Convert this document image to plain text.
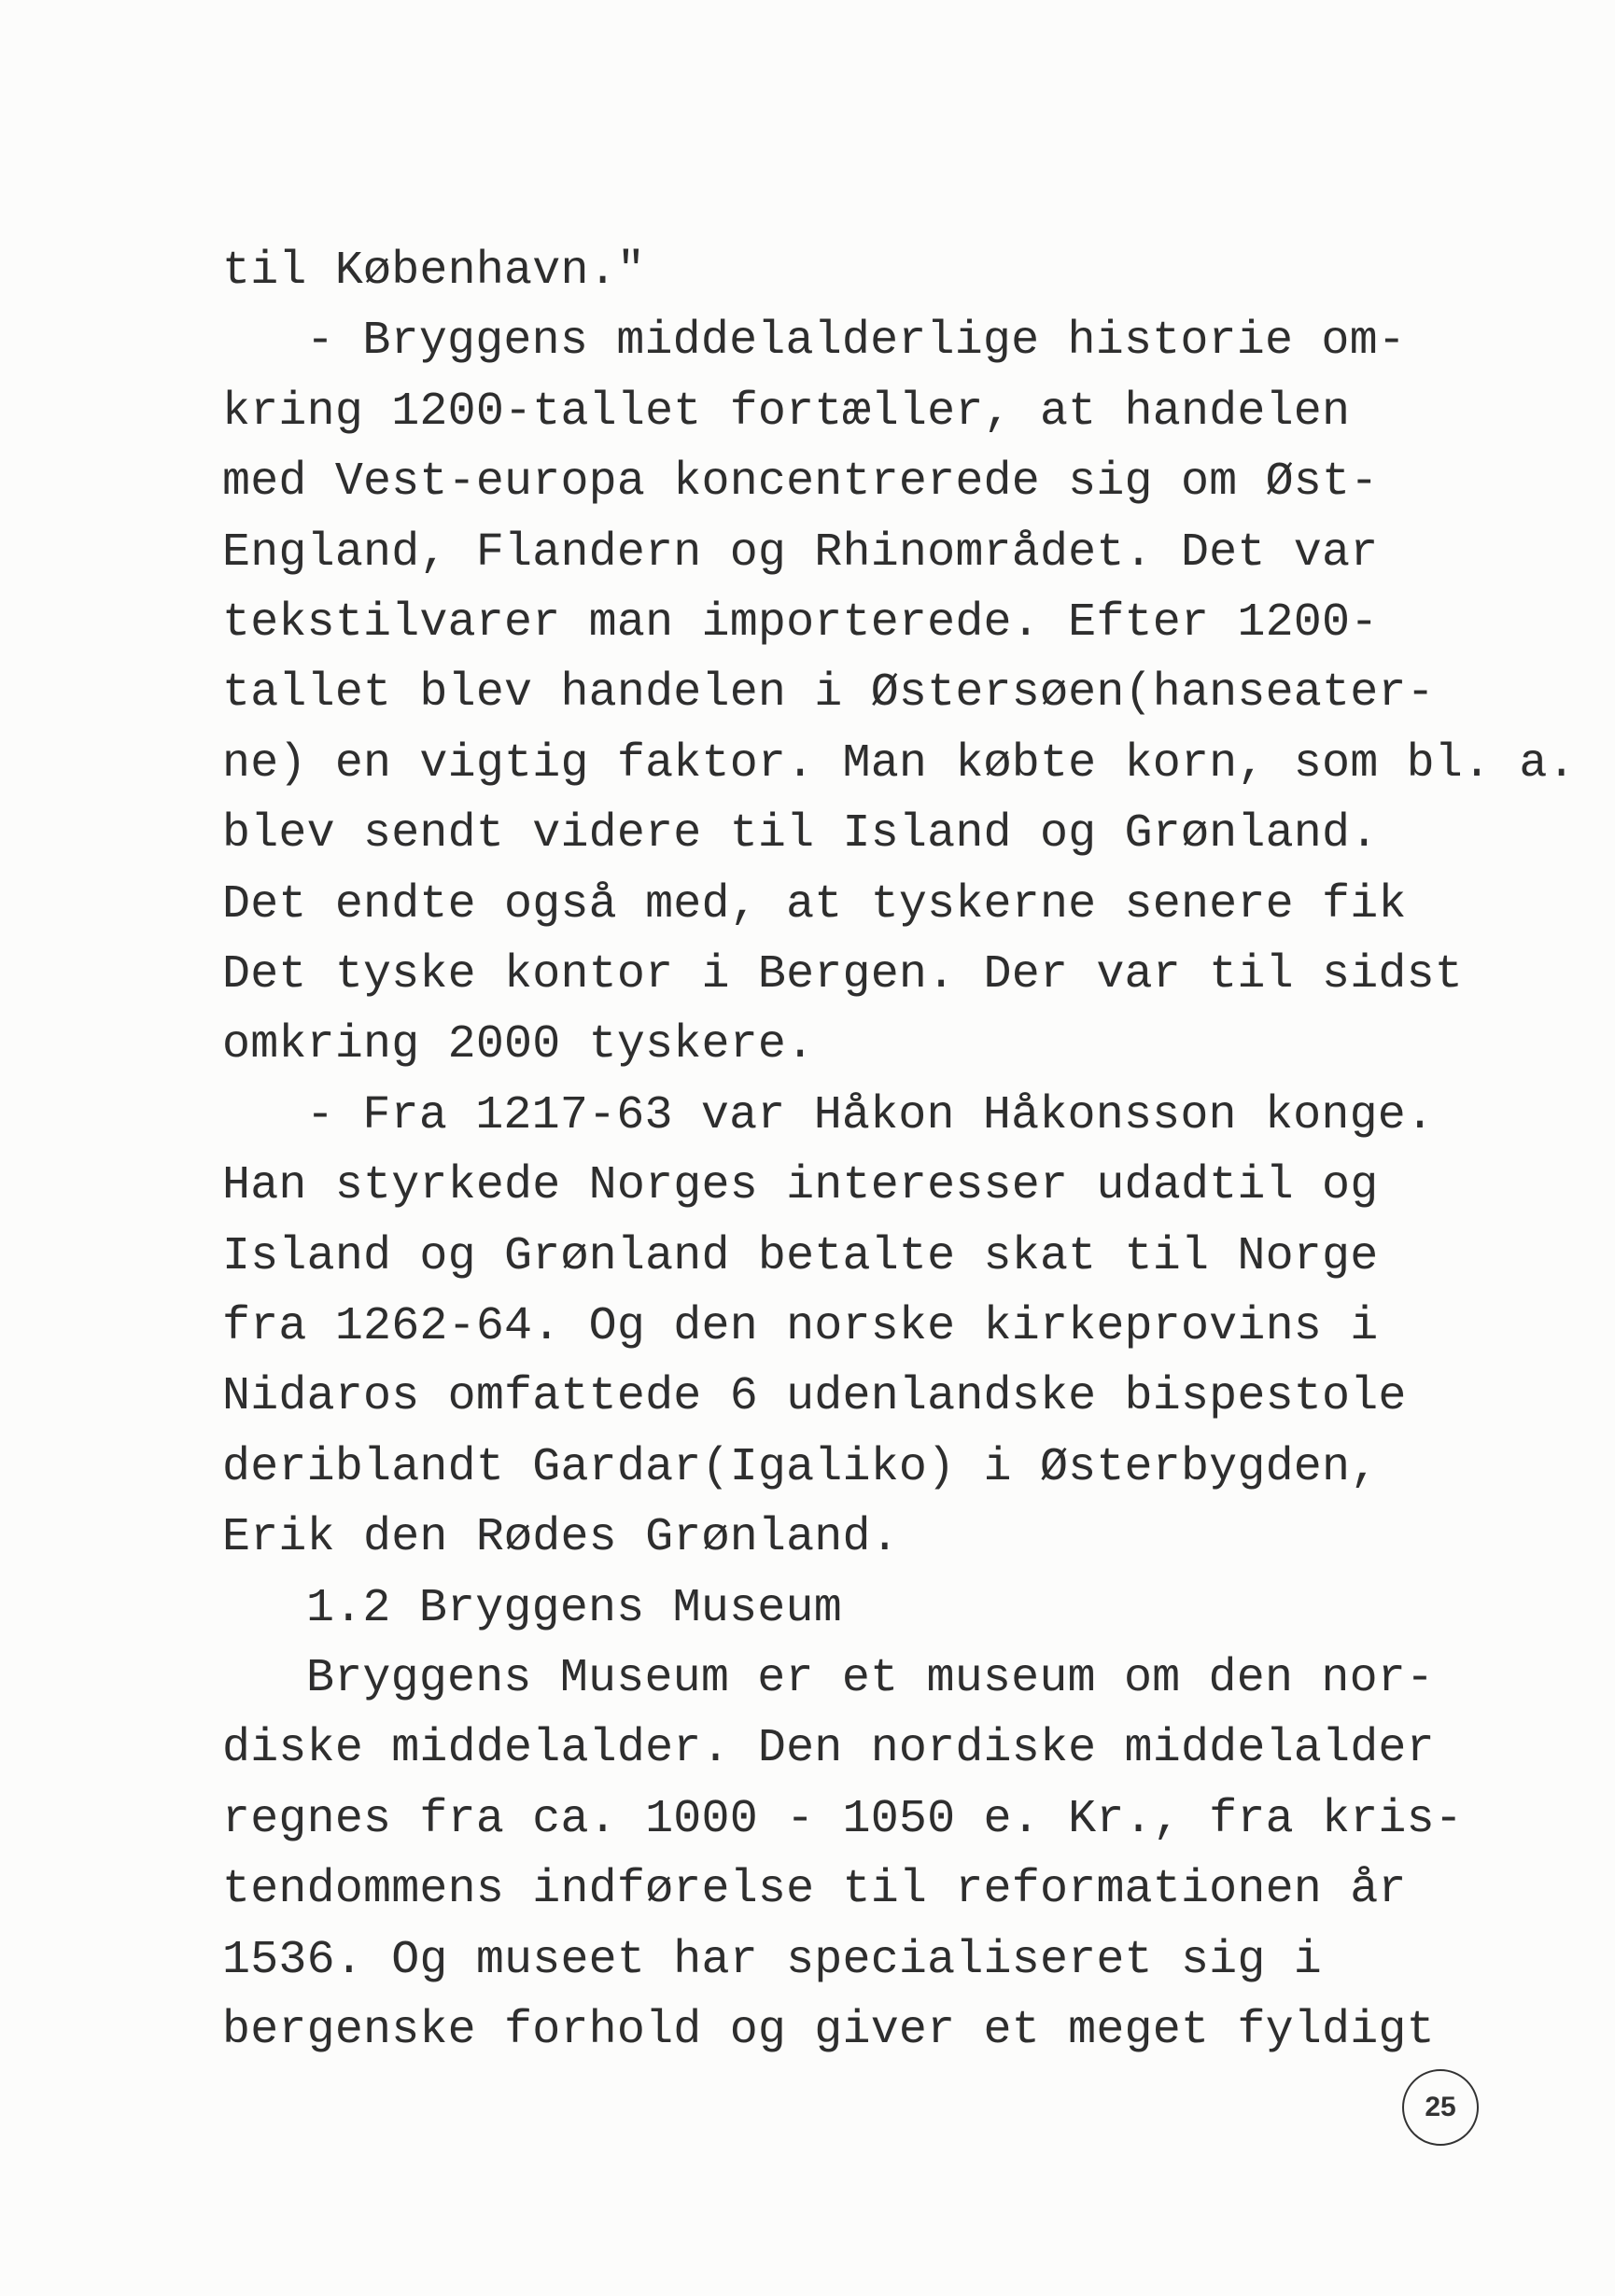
til København."
- Bryggens middelalderlige historie om-
kring 1200-tallet fortæller, at handelen
med Vest-europa koncentrerede sig om Øst-
England, Flandern og Rhinområdet. Det var
tekstilvarer man importerede. Efter 1200-
tallet blev handelen i Østersøen(hanseater-
ne) en vigtig faktor. Man købte korn, som bl. a.
blev sendt videre til Island og Grønland.
Det endte også med, at tyskerne senere fik
Det tyske kontor i Bergen. Der var til sidst
omkring 2000 tyskere.
- Fra 1217-63 var Håkon Håkonsson konge.
Han styrkede Norges interesser udadtil og
Island og Grønland betalte skat til Norge
fra 1262-64. Og den norske kirkeprovins i
Nidaros omfattede 6 udenlandske bispestole
deriblandt Gardar(Igaliko) i Østerbygden,
Erik den Rødes Grønland.
1.2 Bryggens Museum
Bryggens Museum er et museum om den nor-
diske middelalder. Den nordiske middelalder
regnes fra ca. 1000 - 1050 e. Kr., fra kris-
tendommens indførelse til reformationen år
1536. Og museet har specialiseret sig i
bergenske forhold og giver et meget fyldigt
25
